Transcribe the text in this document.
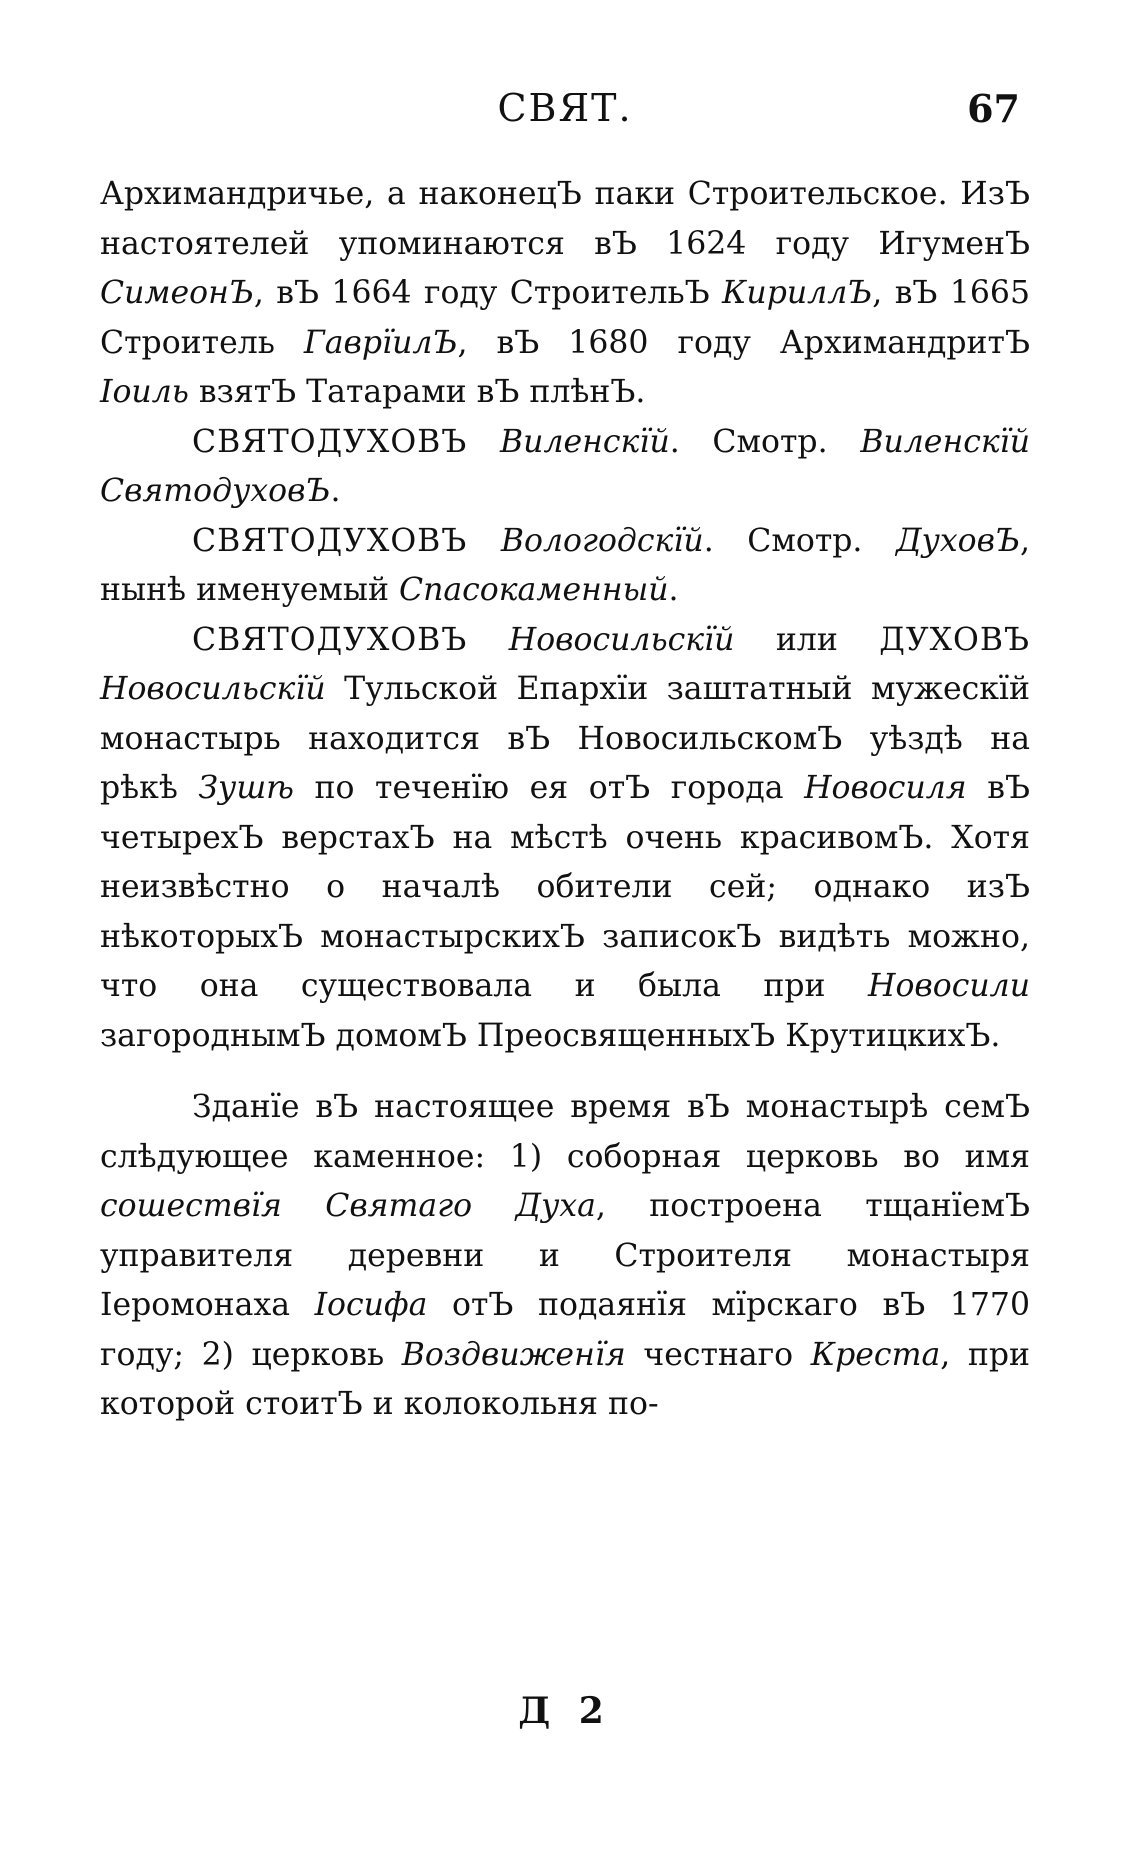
СВЯТ.	67

Архимандричье, а наконецЪ паки Строительское. ИзЪ настоятелей упоминаются вЪ 1624 году ИгуменЪ СимеонЪ, вЪ 1664 году СтроительЪ КириллЪ, вЪ 1665 Строитель ГаврïилЪ, вЪ 1680 году АрхимандритЪ Іоиль взятЪ Татарами вЪ плѣнЪ.

СВЯТОДУХОВЪ Виленскïй. Смотр. Виленскïй СвятодуховЪ.

СВЯТОДУХОВЪ Вологодскïй. Смотр. ДуховЪ, нынѣ именуемый Спасокаменный.

СВЯТОДУХОВЪ Новосильскïй или ДУХОВЪ Новосильскïй Тульской Епархïи заштатный мужескïй монастырь находится вЪ НовосильскомЪ уѣздѣ на рѣкѣ Зушѣ по теченïю ея отЪ города Новосиля вЪ четырехЪ верстахЪ на мѣстѣ очень красивомЪ. Хотя неизвѣстно о началѣ обители сей; однако изЪ нѣкоторыхЪ монастырскихЪ записокЪ видѣть можно, что она существовала и была при Новосили загороднымЪ домомЪ ПреосвященныхЪ КрутицкихЪ.

Зданïе вЪ настоящее время вЪ монастырѣ семЪ слѣдующее каменное: 1) соборная церковь во имя сошествïя Святаго Духа, построена тщанïемЪ управителя деревни и Строителя монастыря Іеромонаха Іосифа отЪ подаянïя мïрскаго вЪ 1770 году; 2) церковь Воздвиженïя честнаго Креста, при которой стоитЪ и колокольня по-

Д 2
